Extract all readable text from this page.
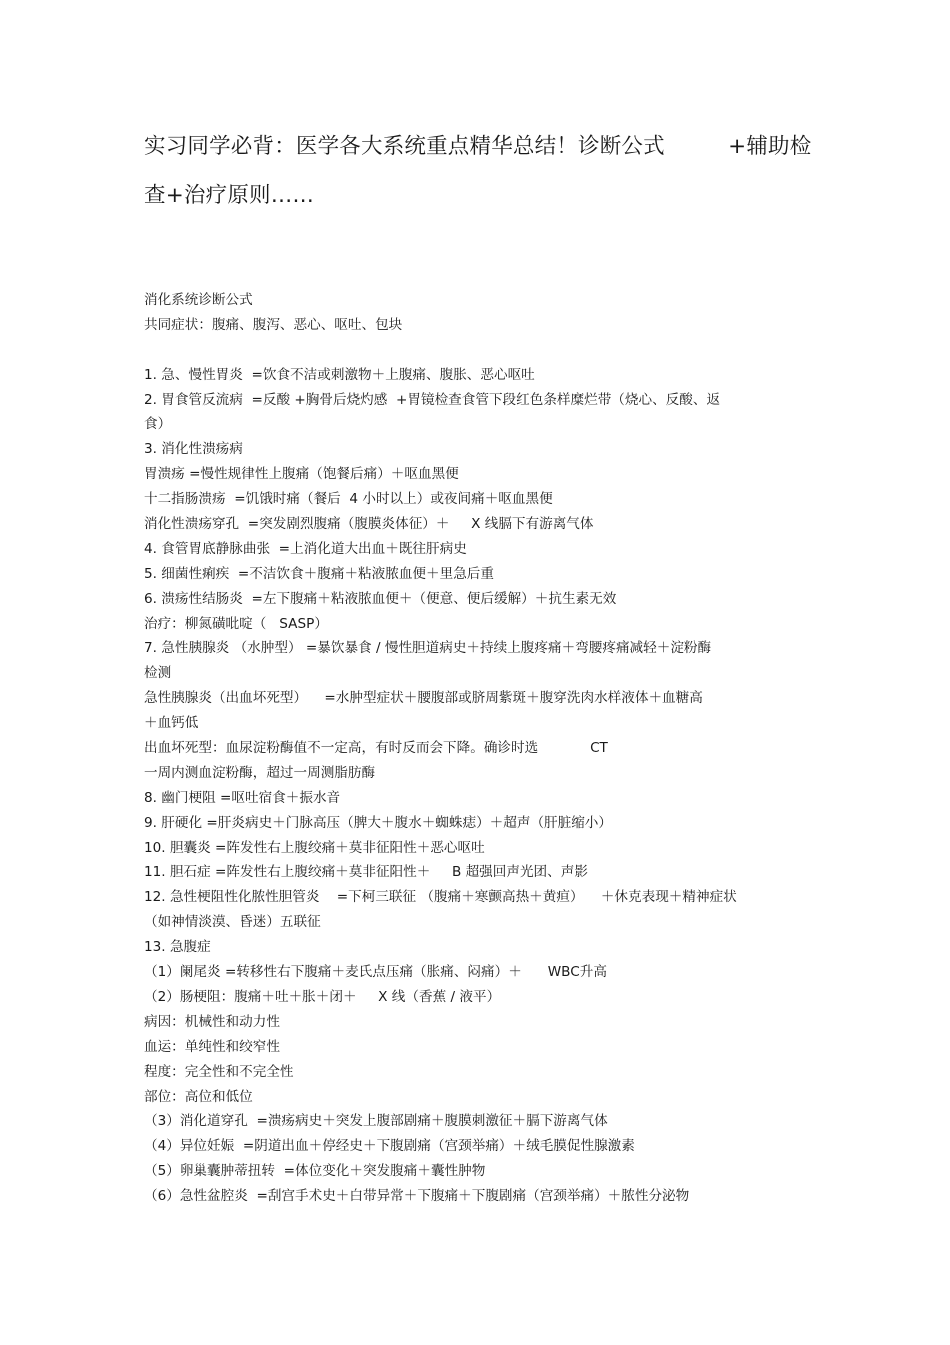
实习同学必背：医学各大系统重点精华总结！诊断公式         +辅助检查+治疗原则……
消化系统诊断公式
共同症状：腹痛、腹泻、恶心、呕吐、包块
1. 急、慢性胃炎  =饮食不洁或刺激物＋上腹痛、腹胀、恶心呕吐
2. 胃食管反流病  =反酸 +胸骨后烧灼感  +胃镜检查食管下段红色条样糜烂带（烧心、反酸、返
食）
3. 消化性溃疡病
胃溃疡 =慢性规律性上腹痛（饱餐后痛）＋呕血黑便
十二指肠溃疡  =饥饿时痛（餐后  4 小时以上）或夜间痛＋呕血黑便
消化性溃疡穿孔  =突发剧烈腹痛（腹膜炎体征）＋     X 线膈下有游离气体
4. 食管胃底静脉曲张  =上消化道大出血＋既往肝病史
5. 细菌性痢疾  =不洁饮食＋腹痛＋粘液脓血便＋里急后重
6. 溃疡性结肠炎  =左下腹痛＋粘液脓血便＋（便意、便后缓解）＋抗生素无效
治疗：柳氮磺吡啶（   SASP）
7. 急性胰腺炎 （水肿型） =暴饮暴食 / 慢性胆道病史＋持续上腹疼痛＋弯腰疼痛减轻＋淀粉酶
检测
急性胰腺炎（出血坏死型）    =水肿型症状＋腰腹部或脐周紫斑＋腹穿洗肉水样液体＋血糖高
＋血钙低
出血坏死型：血尿淀粉酶值不一定高，有时反而会下降。确诊时选            CT
一周内测血淀粉酶，超过一周测脂肪酶
8. 幽门梗阻 =呕吐宿食＋振水音
9. 肝硬化 =肝炎病史＋门脉高压（脾大＋腹水＋蜘蛛痣）＋超声（肝脏缩小）
10. 胆囊炎 =阵发性右上腹绞痛＋莫非征阳性＋恶心呕吐
11. 胆石症 =阵发性右上腹绞痛＋莫非征阳性＋     B 超强回声光团、声影
12. 急性梗阻性化脓性胆管炎    =下柯三联征 （腹痛＋寒颤高热＋黄疸）    ＋休克表现＋精神症状
（如神情淡漠、昏迷）五联征
13. 急腹症
（1）阑尾炎 =转移性右下腹痛＋麦氏点压痛（胀痛、闷痛）＋      WBC升高
（2）肠梗阻：腹痛＋吐＋胀＋闭＋     X 线（香蕉 / 液平）
病因：机械性和动力性
血运：单纯性和绞窄性
程度：完全性和不完全性
部位：高位和低位
（3）消化道穿孔  =溃疡病史＋突发上腹部剧痛＋腹膜刺激征＋膈下游离气体
（4）异位妊娠  =阴道出血＋停经史＋下腹剧痛（宫颈举痛）＋绒毛膜促性腺激素
（5）卵巢囊肿蒂扭转  =体位变化＋突发腹痛＋囊性肿物
（6）急性盆腔炎  =刮宫手术史＋白带异常＋下腹痛＋下腹剧痛（宫颈举痛）＋脓性分泌物
